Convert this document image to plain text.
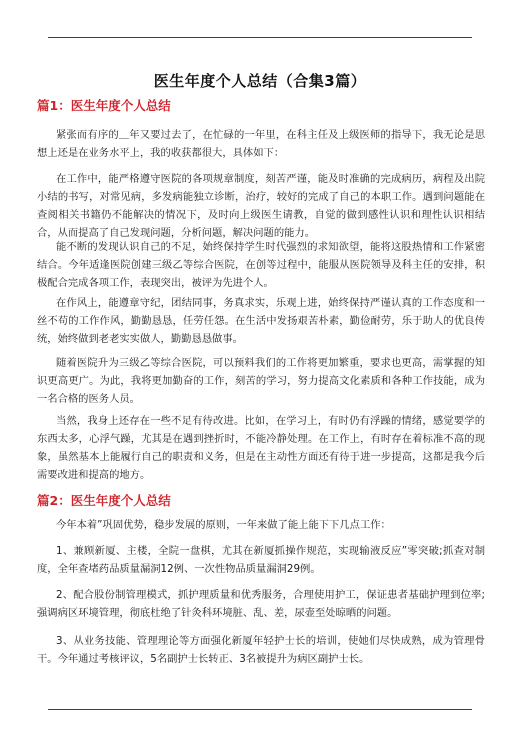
医生年度个人总结（合集3篇）
篇1：医生年度个人总结
紧张而有序的＿年又要过去了，在忙碌的一年里，在科主任及上级医师的指导下，我无论是思想上还是在业务水平上，我的收获都很大，具体如下：
在工作中，能严格遵守医院的各项规章制度，刻苦严谨，能及时准确的完成病历，病程及出院小结的书写，对常见病，多发病能独立诊断，治疗，较好的完成了自己的本职工作。遇到问题能在查阅相关书籍仍不能解决的情况下，及时向上级医生请教，自觉的做到感性认识和理性认识相结合，从而提高了自己发现问题，分析问题，解决问题的能力。
能不断的发现认识自己的不足，始终保持学生时代强烈的求知欲望，能将这股热情和工作紧密结合。今年适逢医院创建三级乙等综合医院，在创等过程中，能服从医院领导及科主任的安排，积极配合完成各项工作，表现突出，被评为先进个人。
在作风上，能遵章守纪，团结同事，务真求实，乐观上进，始终保持严谨认真的工作态度和一丝不苟的工作作风，勤勤恳恳，任劳任怨。在生活中发扬艰苦朴素，勤俭耐劳，乐于助人的优良传统，始终做到老老实实做人，勤勤恳恳做事。
随着医院升为三级乙等综合医院，可以预料我们的工作将更加繁重，要求也更高，需掌握的知识更高更广。为此，我将更加勤奋的工作，刻苦的学习，努力提高文化素质和各种工作技能，成为一名合格的医务人员。
当然，我身上还存在一些不足有待改进。比如，在学习上，有时仍有浮躁的情绪，感觉要学的东西太多，心浮气躁，尤其是在遇到挫折时，不能冷静处理。在工作上，有时存在着标准不高的现象，虽然基本上能履行自己的职责和义务，但是在主动性方面还有待于进一步提高，这都是我今后需要改进和提高的地方。
篇2：医生年度个人总结
今年本着”巩固优势，稳步发展的原则，一年来做了能上能下下几点工作：
1、兼顾新厦、主楼，全院一盘棋，尤其在新厦抓操作规范，实现输液反应”零突破;抓查对制度，全年查堵药品质量漏洞12例、一次性物品质量漏洞29例。
2、配合股份制管理模式，抓护理质量和优秀服务，合理使用护工，保证患者基础护理到位率;强调病区环境管理，彻底杜绝了针灸科环境脏、乱、差，尿壶至处晾晒的问题。
3、从业务技能、管理理论等方面强化新厦年轻护士长的培训，使她们尽快成熟，成为管理骨干。今年通过考核评议，5名副护士长转正、3名被提升为病区副护士长。
